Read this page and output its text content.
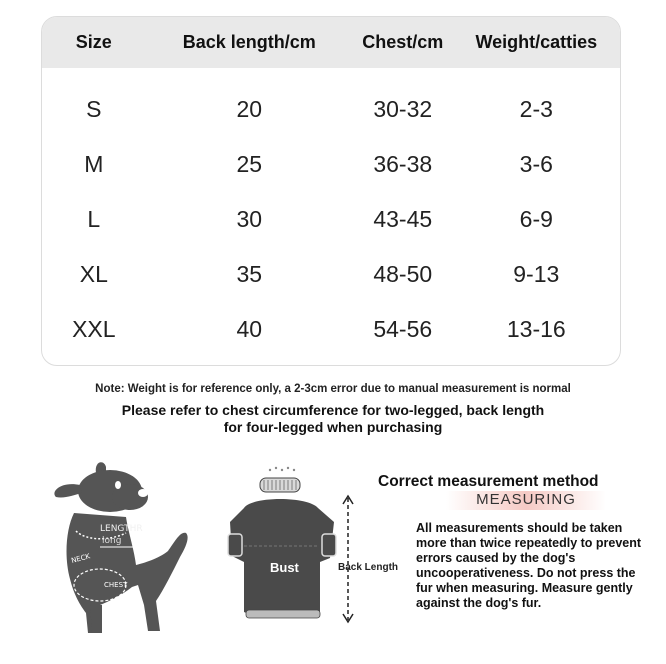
Size	Back length/cm	Chest/cm	Weight/catties
S	20	30-32	2-3
M	25	36-38	3-6
L	30	43-45	6-9
XL	35	48-50	9-13
XXL	40	54-56	13-16
Note: Weight is for reference only, a 2-3cm error due to manual measurement is normal
Please refer to chest circumference for two-legged, back length
for four-legged when purchasing
LENGTHR
long
NECK
CHEST
Bust	Back Length
Correct measurement method
MEASURING
All measurements should be taken more than twice repeatedly to prevent errors caused by the dog's uncooperativeness. Do not press the fur when measuring. Measure gently against the dog's fur.
